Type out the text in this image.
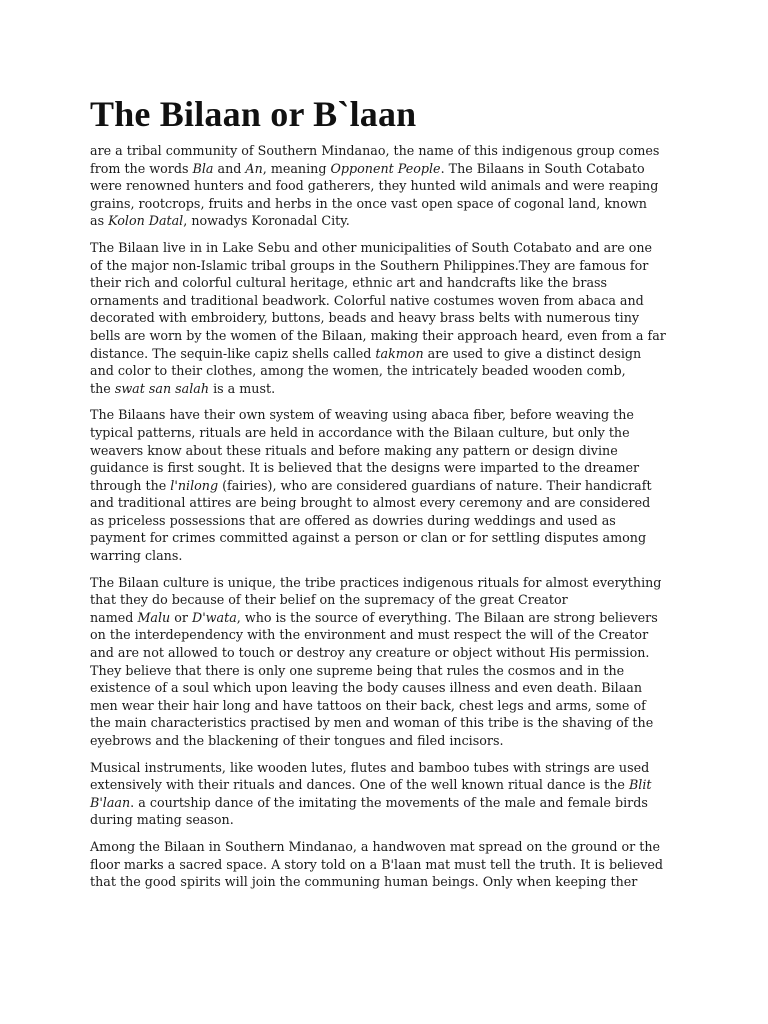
The Bilaan or B`laan

are a tribal community of Southern Mindanao, the name of this indigenous group comes
from the words Bla and An, meaning Opponent People. The Bilaans in South Cotabato
were renowned hunters and food gatherers, they hunted wild animals and were reaping
grains, rootcrops, fruits and herbs in the once vast open space of cogonal land, known
as Kolon Datal, nowadys Koronadal City.

The Bilaan live in in Lake Sebu and other municipalities of South Cotabato and are one
of the major non-Islamic tribal groups in the Southern Philippines.They are famous for
their rich and colorful cultural heritage, ethnic art and handcrafts like the brass
ornaments and traditional beadwork. Colorful native costumes woven from abaca and
decorated with embroidery, buttons, beads and heavy brass belts with numerous tiny
bells are worn by the women of the Bilaan, making their approach heard, even from a far
distance. The sequin-like capiz shells called takmon are used to give a distinct design
and color to their clothes, among the women, the intricately beaded wooden comb,
the swat san salah is a must.

The Bilaans have their own system of weaving using abaca fiber, before weaving the
typical patterns, rituals are held in accordance with the Bilaan culture, but only the
weavers know about these rituals and before making any pattern or design divine
guidance is first sought. It is believed that the designs were imparted to the dreamer
through the l'nilong (fairies), who are considered guardians of nature. Their handicraft
and traditional attires are being brought to almost every ceremony and are considered
as priceless possessions that are offered as dowries during weddings and used as
payment for crimes committed against a person or clan or for settling disputes among
warring clans.

The Bilaan culture is unique, the tribe practices indigenous rituals for almost everything
that they do because of their belief on the supremacy of the great Creator
named Malu or D'wata, who is the source of everything. The Bilaan are strong believers
on the interdependency with the environment and must respect the will of the Creator
and are not allowed to touch or destroy any creature or object without His permission.
They believe that there is only one supreme being that rules the cosmos and in the
existence of a soul which upon leaving the body causes illness and even death. Bilaan
men wear their hair long and have tattoos on their back, chest legs and arms, some of
the main characteristics practised by men and woman of this tribe is the shaving of the
eyebrows and the blackening of their tongues and filed incisors.

Musical instruments, like wooden lutes, flutes and bamboo tubes with strings are used
extensively with their rituals and dances. One of the well known ritual dance is the Blit
B'laan. a courtship dance of the imitating the movements of the male and female birds
during mating season.

Among the Bilaan in Southern Mindanao, a handwoven mat spread on the ground or the
floor marks a sacred space. A story told on a B'laan mat must tell the truth. It is believed
that the good spirits will join the communing human beings. Only when keeping ther
